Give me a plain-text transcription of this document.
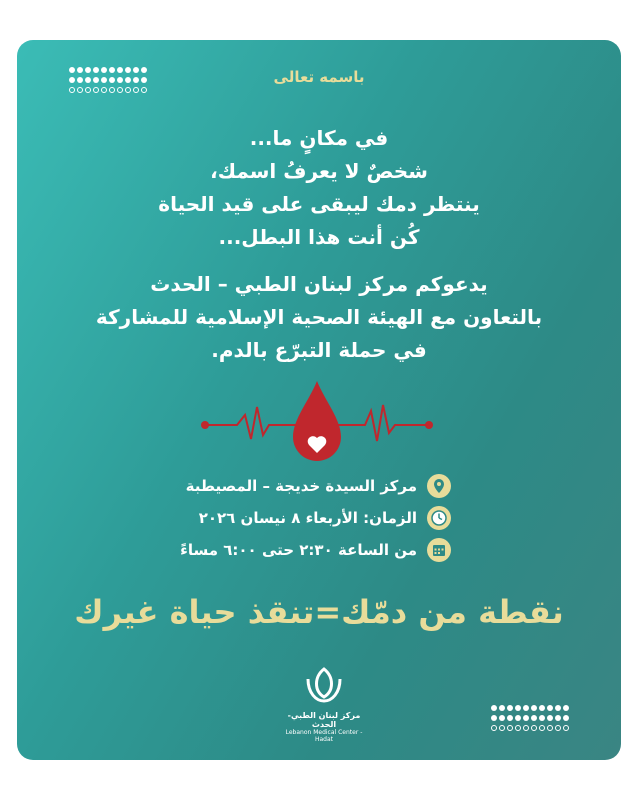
باسمه تعالى
في مكانٍ ما...
شخصٌ لا يعرفُ اسمك،
ينتظر دمك ليبقى على قيد الحياة
كُن أنت هذا البطل...
يدعوكم مركز لبنان الطبي – الحدث
بالتعاون مع الهيئة الصحية الإسلامية للمشاركة
في حملة التبرّع بالدم.
مركز السيدة خديجة – المصيطبة
الزمان: الأربعاء ٨ نيسان ٢٠٢٦
من الساعة ٢:٣٠ حتى ٦:٠٠ مساءً
نقطة من دمّك=تنقذ حياة غيرك
مركز لبنان الطبي-الحدث
Lebanon Medical Center - Hadat
